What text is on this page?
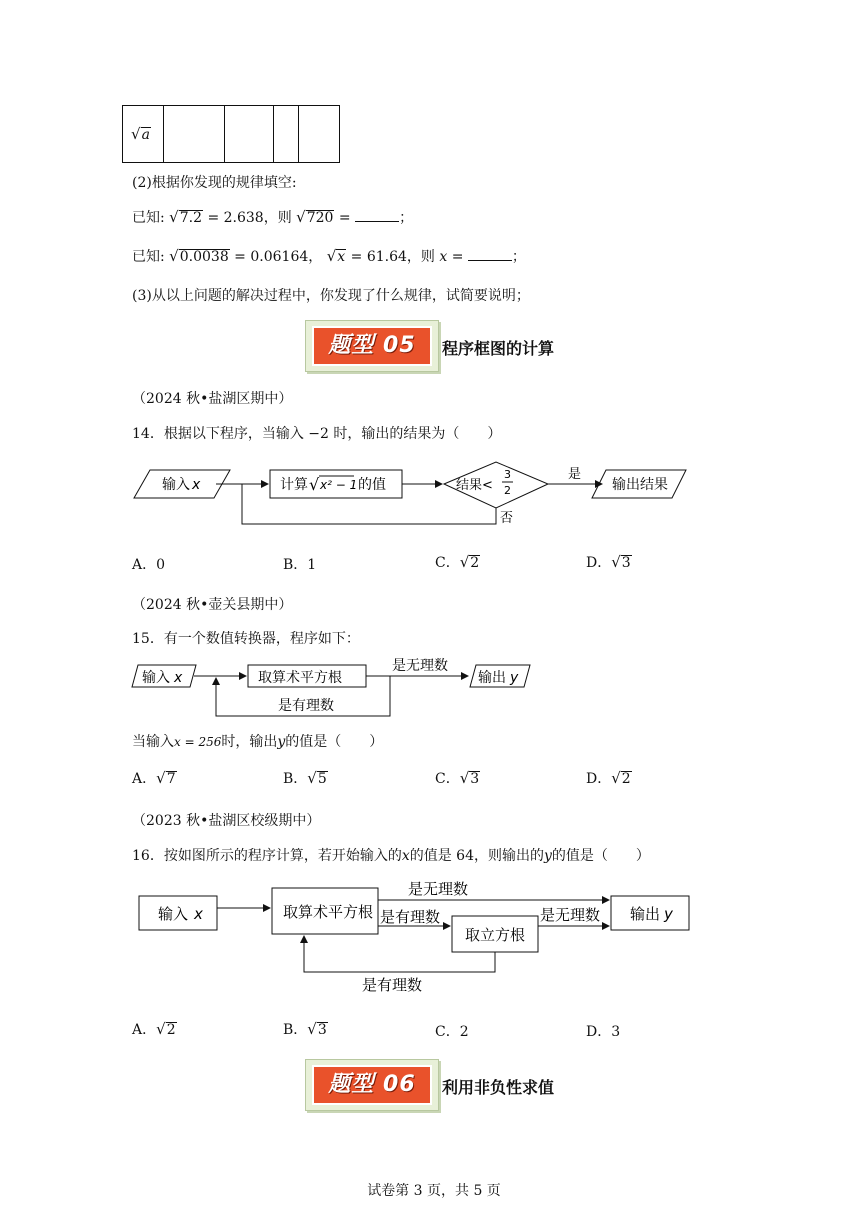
√a				
(2)根据你发现的规律填空:
已知: √7.2 = 2.638，则 √720 =	；
已知: √0.0038 = 0.06164， √x = 61.64，则 x =	；
(3)从以上问题的解决过程中，你发现了什么规律，试简要说明；
题型 05	程序框图的计算
（2024 秋•盐湖区期中）
14．根据以下程序，当输入 −2 时，输出的结果为（　　）
输入 x	计算 √ x² − 1 的值	结果<
3
2
是
输出结果
否
A．0	B．1	C．√2	D．√3
（2024 秋•壶关县期中）
15．有一个数值转换器，程序如下：
输入 x	取算术平方根
是无理数
输出 y
是有理数
当输入x = 256时，输出y的值是（　　）
A．√7	B．√5	C．√3	D．√2
（2023 秋•盐湖区校级期中）
16．按如图所示的程序计算，若开始输入的x的值是 64，则输出的y的值是（　　）
输入 x	取算术平方根
是无理数
是有理数
取立方根
是无理数 输出 y
是有理数
A．√2	B．√3	C．2	D．3
题型 06	利用非负性求值
试卷第 3 页，共 5 页
